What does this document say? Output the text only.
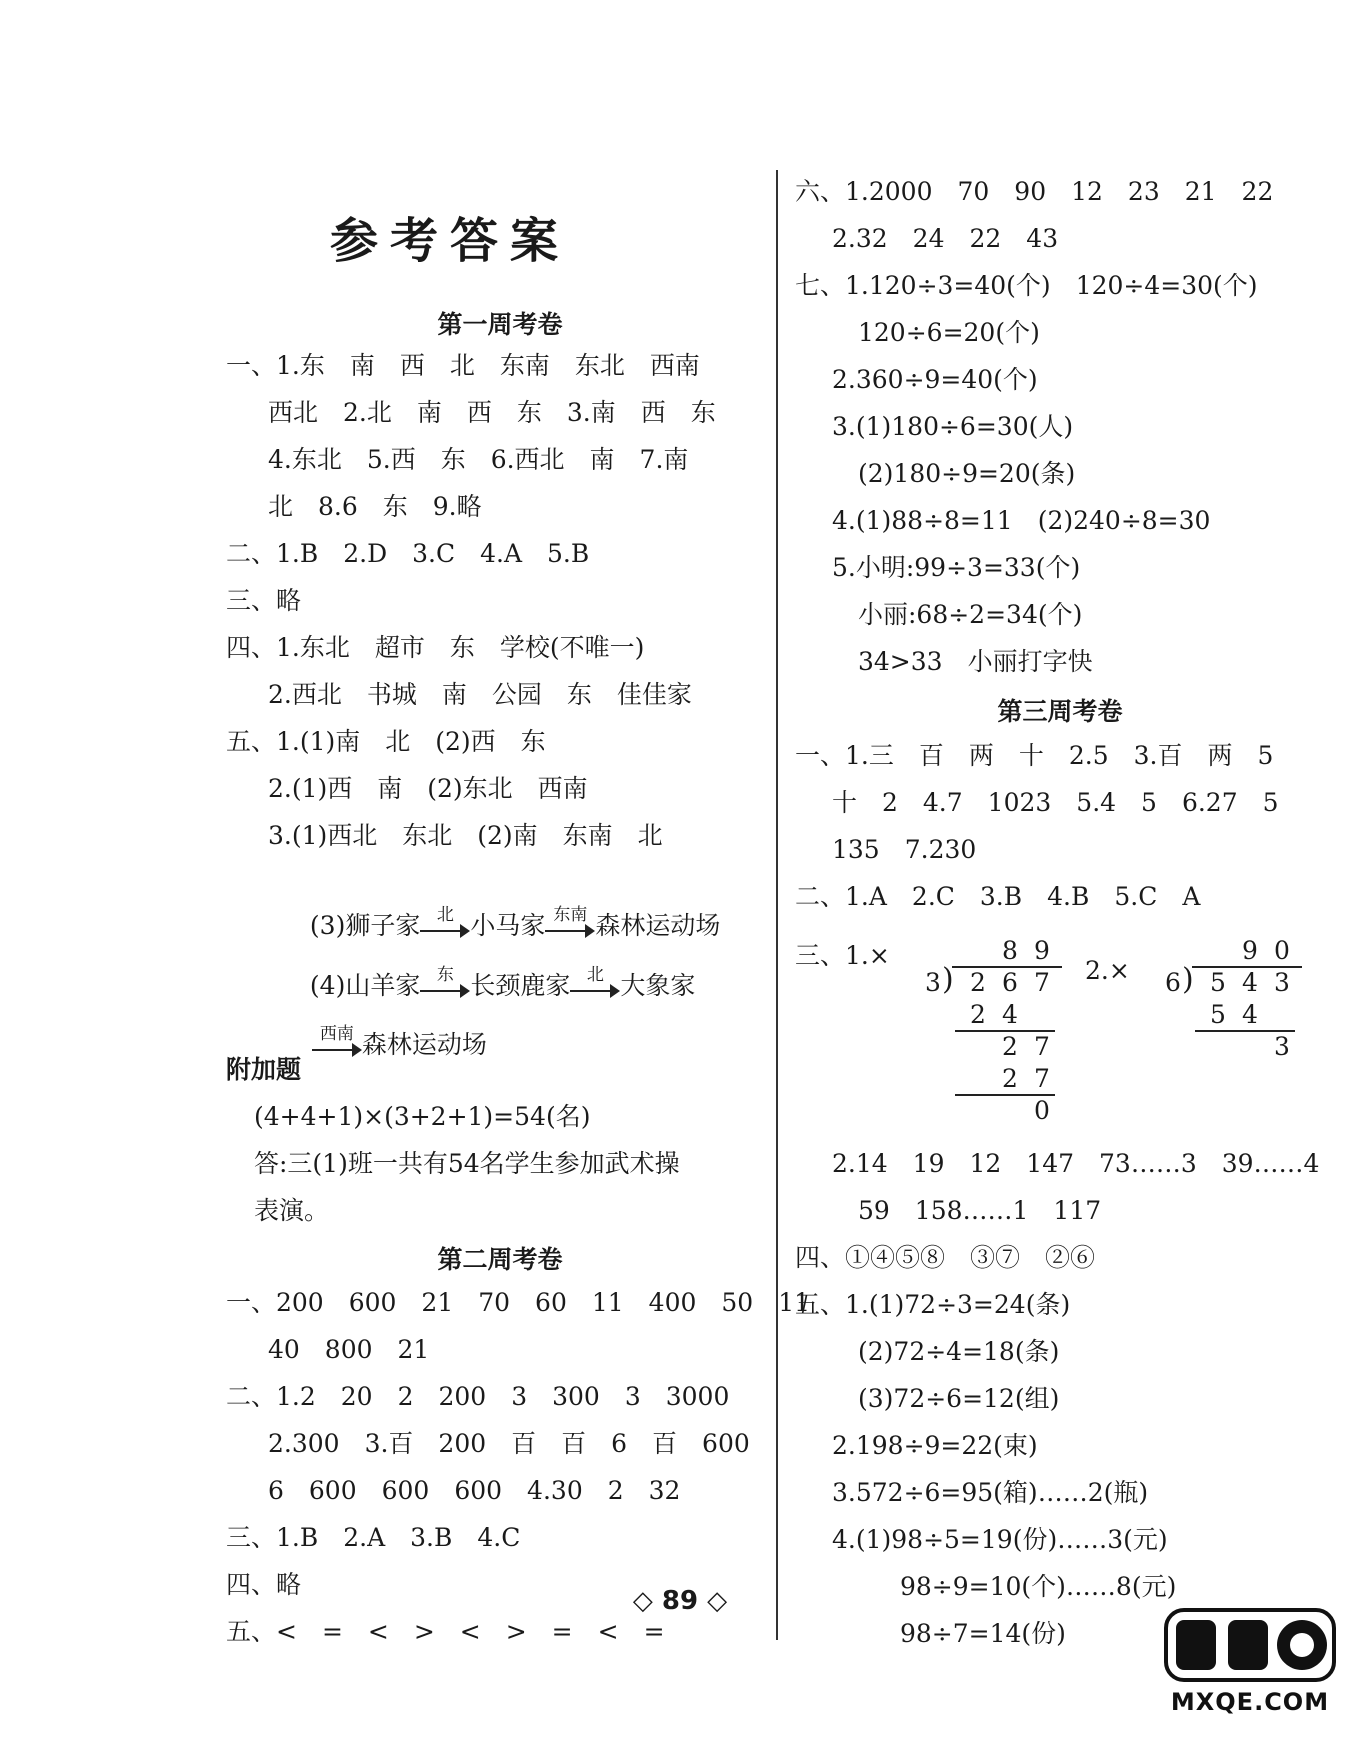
参考答案
第一周考卷
一、1.东　南　西　北　东南　东北　西南
西北　2.北　南　西　东　3.南　西　东
4.东北　5.西　东　6.西北　南　7.南
北　8.6　东　9.略
二、1.B　2.D　3.C　4.A　5.B
三、略
四、1.东北　超市　东　学校(不唯一)
2.西北　书城　南　公园　东　佳佳家
五、1.(1)南　北　(2)西　东
2.(1)西　南　(2)东北　西南
3.(1)西北　东北　(2)南　东南　北

(3)狮子家 北 小马家 东南 森林运动场

(4)山羊家 东 长颈鹿家 北 大象家

西南 森林运动场

附加题
(4+4+1)×(3+2+1)=54(名)
答:三(1)班一共有54名学生参加武术操
表演。
第二周考卷
一、200　600　21　70　60　11　400　50　11
40　800　21
二、1.2　20　2　200　3　300　3　3000
2.300　3.百　200　百　百　6　百　600
6　600　600　600　4.30　2　32
三、1.B　2.A　3.B　4.C
四、略
五、<　=　<　>　<　>　=　<　=
六、1.2000　70　90　12　23　21　22
2.32　24　22　43
七、1.120÷3=40(个)　120÷4=30(个)
120÷6=20(个)
2.360÷9=40(个)
3.(1)180÷6=30(人)
(2)180÷9=20(条)
4.(1)88÷8=11　(2)240÷8=30
5.小明:99÷3=33(个)
小丽:68÷2=34(个)
34>33　小丽打字快
第三周考卷
一、1.三　百　两　十　2.5　3.百　两　5
十　2　4.7　1023　5.4　5　6.27　5
135　7.230
二、1.A　2.C　3.B　4.B　5.C　A
三、1.×
2.×
8 9
3 ) 2 6 7
2 4
2 7
2 7
0
9 0
6 ) 5 4 3
5 4
3
2.14　19　12　147　73……3　39……4
59　158……1　117
四、①④⑤⑧　③⑦　②⑥
五、1.(1)72÷3=24(条)
(2)72÷4=18(条)
(3)72÷6=12(组)
2.198÷9=22(束)
3.572÷6=95(箱)……2(瓶)
4.(1)98÷5=19(份)……3(元)
98÷9=10(个)……8(元)
98÷7=14(份)
◇ 89 ◇
MXQE.COM
